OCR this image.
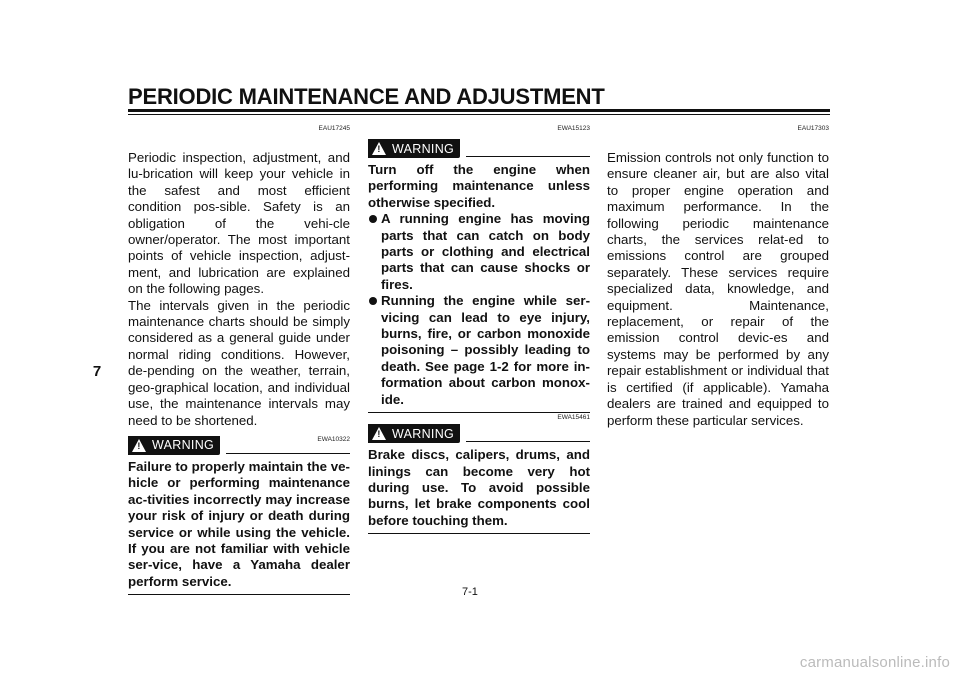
PERIODIC MAINTENANCE AND ADJUSTMENT
7
EAU17245

Periodic inspection, adjustment, and lu-brication will keep your vehicle in the safest and most efficient condition pos-sible. Safety is an obligation of the vehi-cle owner/operator. The most important points of vehicle inspection, adjust-ment, and lubrication are explained on the following pages.

The intervals given in the periodic maintenance charts should be simply considered as a general guide under normal riding conditions. However, de-pending on the weather, terrain, geo-graphical location, and individual use, the maintenance intervals may need to be shortened.

EWA10322
! WARNING

Failure to properly maintain the ve-hicle or performing maintenance ac-tivities incorrectly may increase your risk of injury or death during service or while using the vehicle. If you are not familiar with vehicle ser-vice, have a Yamaha dealer perform service.

EWA15123
! WARNING

Turn off the engine when performing maintenance unless otherwise specified.

A running engine has moving parts that can catch on body parts or clothing and electrical parts that can cause shocks or fires.
Running the engine while ser-vicing can lead to eye injury, burns, fire, or carbon monoxide poisoning – possibly leading to death. See page 1-2 for more in-formation about carbon monox-ide.
EWA15461
! WARNING

Brake discs, calipers, drums, and linings can become very hot during use. To avoid possible burns, let brake components cool before touching them.

EAU17303

Emission controls not only function to ensure cleaner air, but are also vital to proper engine operation and maximum performance. In the following periodic maintenance charts, the services relat-ed to emissions control are grouped separately. These services require specialized data, knowledge, and equipment. Maintenance, replacement, or repair of the emission control devic-es and systems may be performed by any repair establishment or individual that is certified (if applicable). Yamaha dealers are trained and equipped to perform these particular services.

7-1
carmanualsonline.info
